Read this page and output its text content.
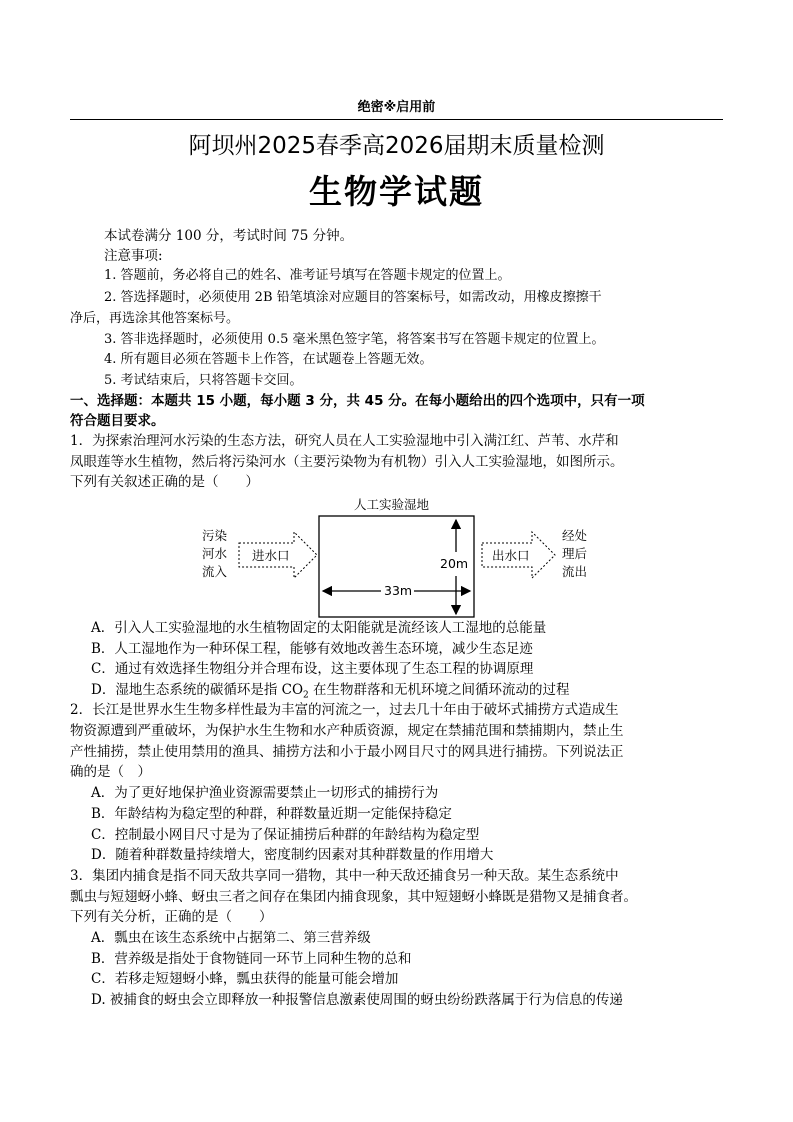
绝密※启用前
阿坝州2025春季高2026届期末质量检测
生物学试题
本试卷满分 100 分，考试时间 75 分钟。
注意事项:
1. 答题前，务必将自己的姓名、准考证号填写在答题卡规定的位置上。
2. 答选择题时，必须使用 2B 铅笔填涂对应题目的答案标号，如需改动，用橡皮擦擦干
净后，再选涂其他答案标号。
3. 答非选择题时，必须使用 0.5 毫米黑色签字笔，将答案书写在答题卡规定的位置上。
4. 所有题目必须在答题卡上作答，在试题卷上答题无效。
5. 考试结束后，只将答题卡交回。
一、选择题：本题共 15 小题，每小题 3 分，共 45 分。在每小题给出的四个选项中，只有一项
符合题目要求。
1．为探索治理河水污染的生态方法，研究人员在人工实验湿地中引入满江红、芦苇、水芹和
凤眼莲等水生植物，然后将污染河水（主要污染物为有机物）引入人工实验湿地，如图所示。
下列有关叙述正确的是（　　）
人工实验湿地
污染
河水
流入
进水口	出水口
经处
理后
流出
20m
33m
A．引入人工实验湿地的水生植物固定的太阳能就是流经该人工湿地的总能量
B．人工湿地作为一种环保工程，能够有效地改善生态环境，减少生态足迹
C．通过有效选择生物组分并合理布设，这主要体现了生态工程的协调原理
D．湿地生态系统的碳循环是指 $CO_2$ 在生物群落和无机环境之间循环流动的过程
2．长江是世界水生生物多样性最为丰富的河流之一，过去几十年由于破坏式捕捞方式造成生
物资源遭到严重破坏，为保护水生生物和水产种质资源，规定在禁捕范围和禁捕期内，禁止生
产性捕捞，禁止使用禁用的渔具、捕捞方法和小于最小网目尺寸的网具进行捕捞。下列说法正
确的是（　）
A．为了更好地保护渔业资源需要禁止一切形式的捕捞行为
B．年龄结构为稳定型的种群，种群数量近期一定能保持稳定
C．控制最小网目尺寸是为了保证捕捞后种群的年龄结构为稳定型
D．随着种群数量持续增大，密度制约因素对其种群数量的作用增大
3．集团内捕食是指不同天敌共享同一猎物，其中一种天敌还捕食另一种天敌。某生态系统中
瓢虫与短翅蚜小蜂、蚜虫三者之间存在集团内捕食现象，其中短翅蚜小蜂既是猎物又是捕食者。
下列有关分析，正确的是（　　）
A．瓢虫在该生态系统中占据第二、第三营养级
B．营养级是指处于食物链同一环节上同种生物的总和
C．若移走短翅蚜小蜂，瓢虫获得的能量可能会增加
D. 被捕食的蚜虫会立即释放一种报警信息激素使周围的蚜虫纷纷跌落属于行为信息的传递
